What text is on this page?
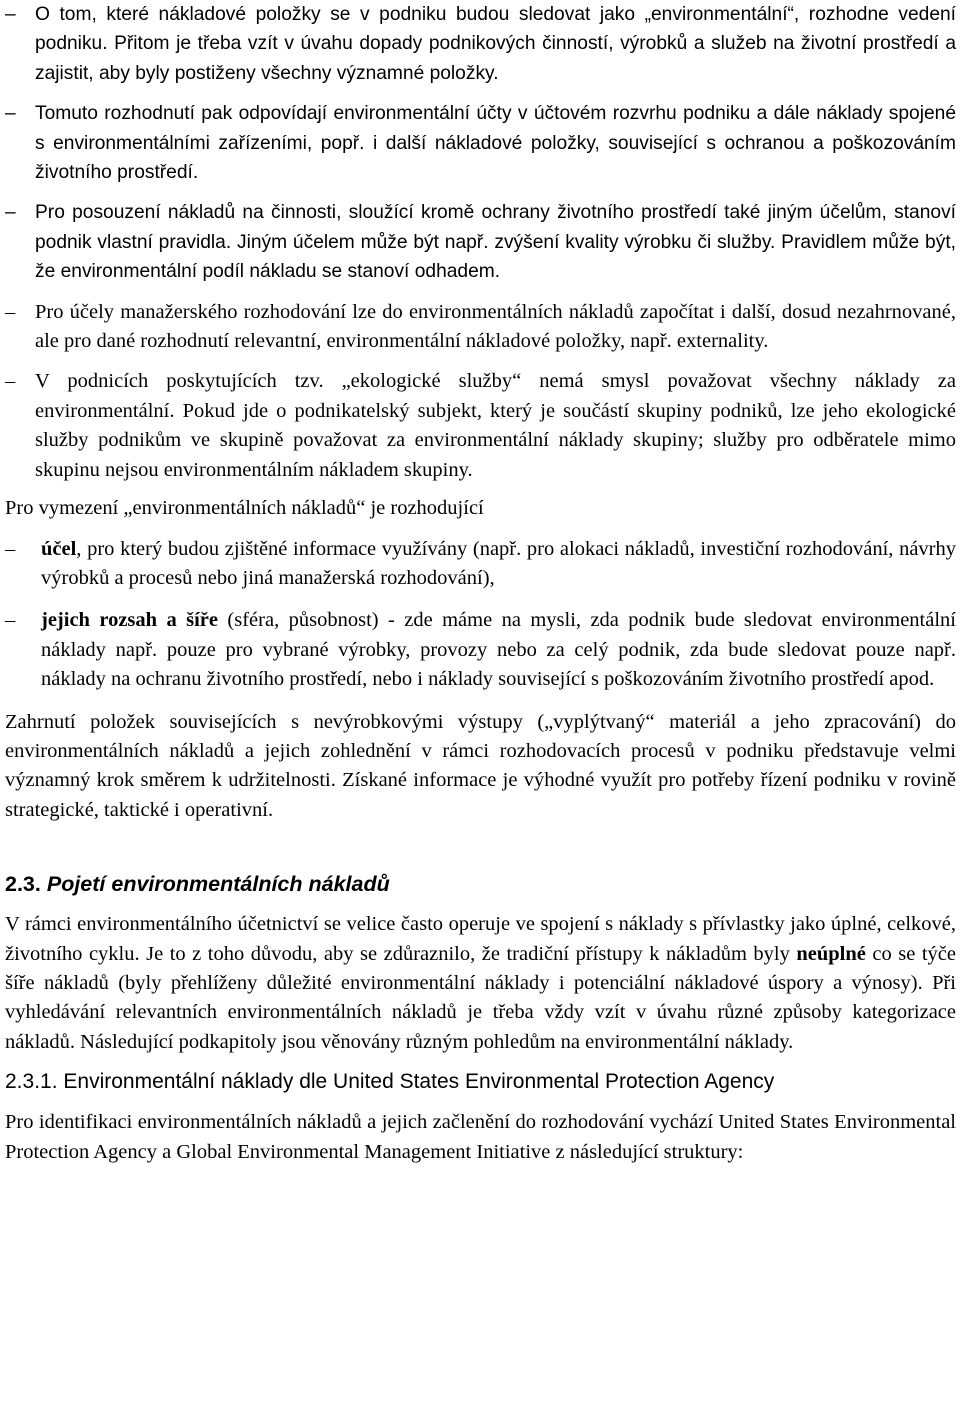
–	O tom, které nákladové položky se v podniku budou sledovat jako „environmentální“, rozhodne vedení podniku. Přitom je třeba vzít v úvahu dopady podnikových činností, výrobků a služeb na životní prostředí a zajistit, aby byly postiženy všechny významné položky.
–	Tomuto rozhodnutí pak odpovídají environmentální účty v účtovém rozvrhu podniku a dále náklady spojené s environmentálními zařízeními, popř. i další nákladové položky, související s ochranou a poškozováním životního prostředí.
–	Pro posouzení nákladů na činnosti, sloužící kromě ochrany životního prostředí také jiným účelům, stanoví podnik vlastní pravidla. Jiným účelem může být např. zvýšení kvality výrobku či služby. Pravidlem může být, že environmentální podíl nákladu se stanoví odhadem.
– Pro účely manažerského rozhodování lze do environmentálních nákladů započítat i další, dosud nezahrnované, ale pro dané rozhodnutí relevantní, environmentální nákladové položky, např. externality.
– V podnicích poskytujících tzv. „ekologické služby“ nemá smysl považovat všechny náklady za environmentální. Pokud jde o podnikatelský subjekt, který je součástí skupiny podniků, lze jeho ekologické služby podnikům ve skupině považovat za environmentální náklady skupiny; služby pro odběratele mimo skupinu nejsou environmentálním nákladem skupiny.

Pro vymezení „environmentálních nákladů“ je rozhodující

–	účel, pro který budou zjištěné informace využívány (např. pro alokaci nákladů, investiční rozhodování, návrhy výrobků a procesů nebo jiná manažerská rozhodování),
–	jejich rozsah a šíře (sféra, působnost) - zde máme na mysli, zda podnik bude sledovat environmentální náklady např. pouze pro vybrané výrobky, provozy nebo za celý podnik, zda bude sledovat pouze např. náklady na ochranu životního prostředí, nebo i náklady související s poškozováním životního prostředí apod.

Zahrnutí položek souvisejících s nevýrobkovými výstupy („vyplýtvaný“ materiál a jeho zpracování) do environmentálních nákladů a jejich zohlednění v rámci rozhodovacích procesů v podniku představuje velmi významný krok směrem k udržitelnosti. Získané informace je výhodné využít pro potřeby řízení podniku v rovině strategické, taktické i operativní.

2.3. Pojetí environmentálních nákladů

V rámci environmentálního účetnictví se velice často operuje ve spojení s náklady s přívlastky jako úplné, celkové, životního cyklu. Je to z toho důvodu, aby se zdůraznilo, že tradiční přístupy k nákladům byly neúplné co se týče šíře nákladů (byly přehlíženy důležité environmentální náklady i potenciální nákladové úspory a výnosy). Při vyhledávání relevantních environmentálních nákladů je třeba vždy vzít v úvahu různé způsoby kategorizace nákladů. Následující podkapitoly jsou věnovány různým pohledům na environmentální náklady.

2.3.1. Environmentální náklady dle United States Environmental Protection Agency

Pro identifikaci environmentálních nákladů a jejich začlenění do rozhodování vychází United States Environmental Protection Agency a Global Environmental Management Initiative z následující struktury:
